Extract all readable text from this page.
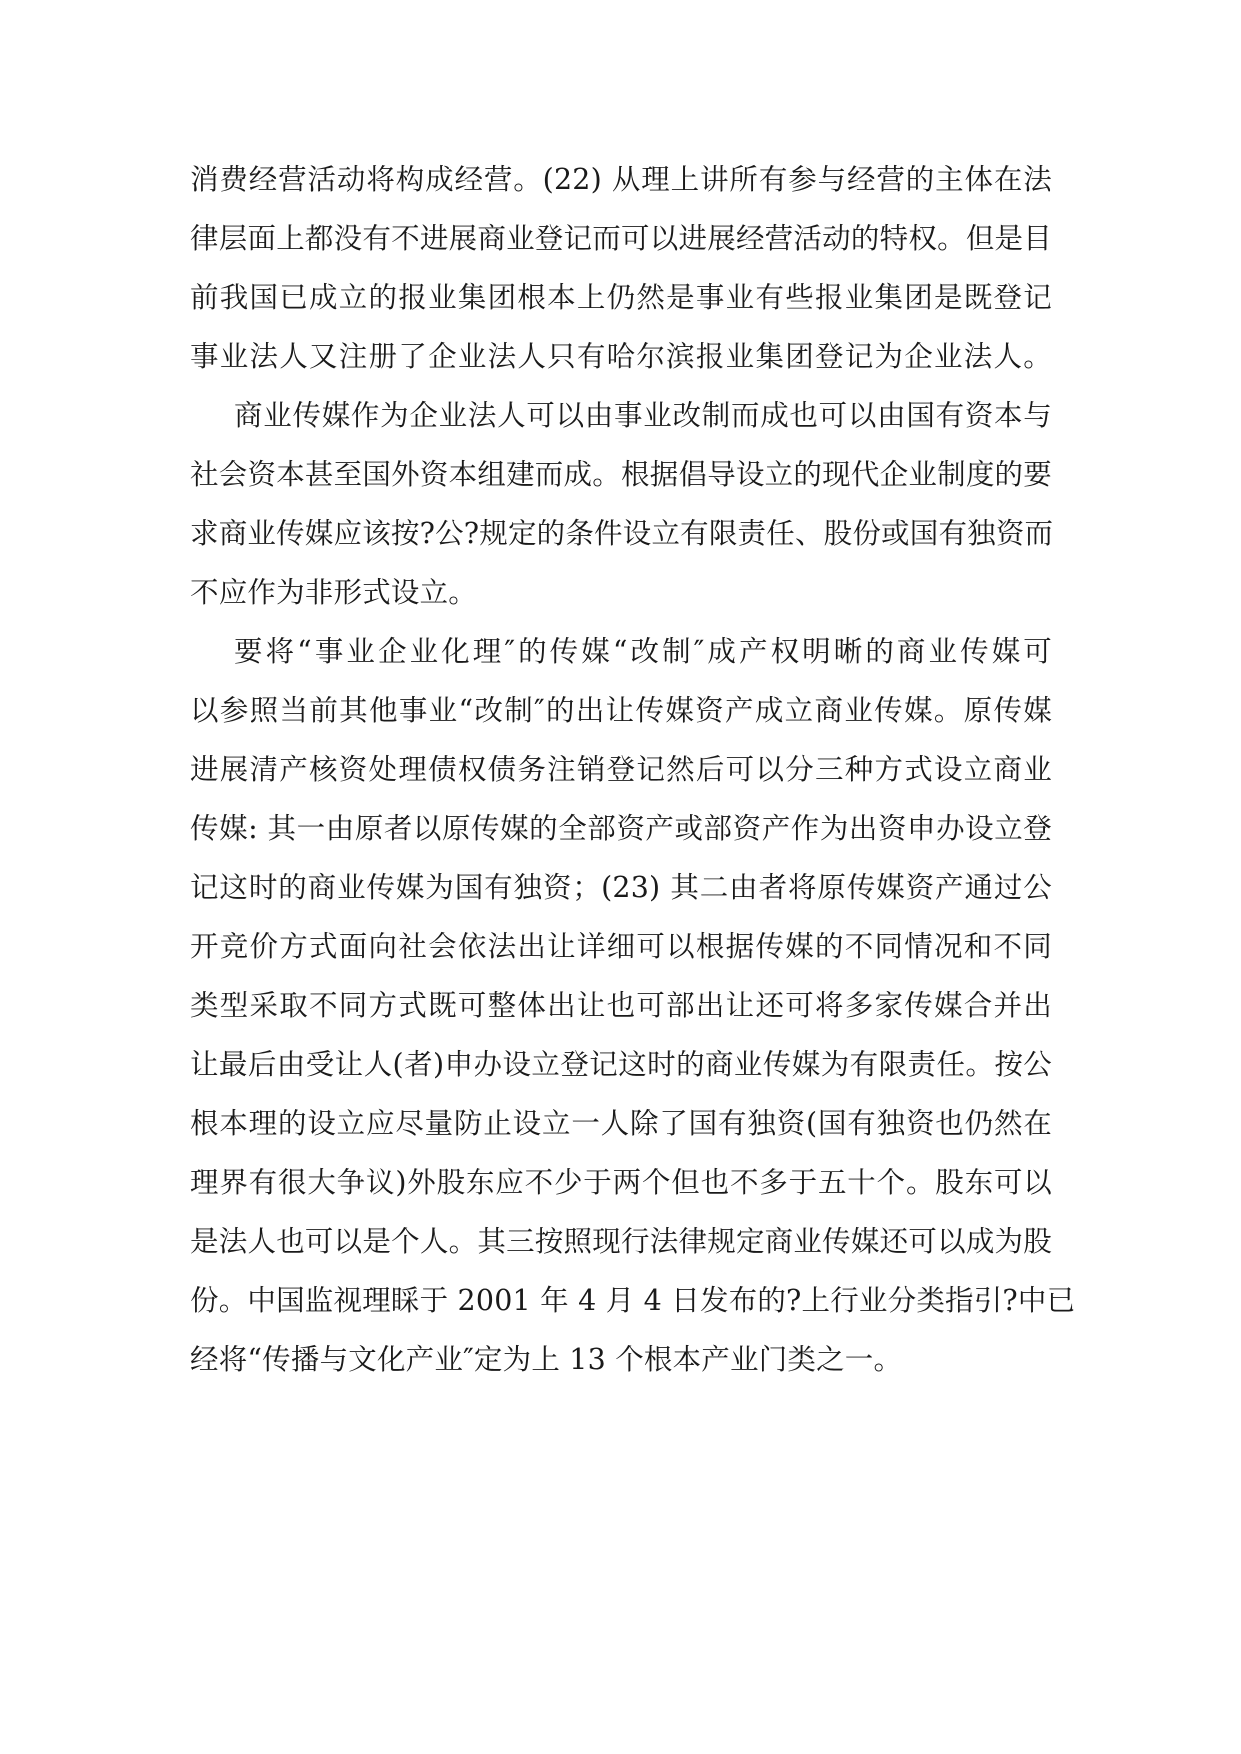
消费经营活动将构成经营。(22) 从理上讲所有参与经营的主体在法
律层面上都没有不进展商业登记而可以进展经营活动的特权。但是目
前我国已成立的报业集团根本上仍然是事业有些报业集团是既登记
事业法人又注册了企业法人只有哈尔滨报业集团登记为企业法人。
商业传媒作为企业法人可以由事业改制而成也可以由国有资本与
社会资本甚至国外资本组建而成。根据倡导设立的现代企业制度的要
求商业传媒应该按?公?规定的条件设立有限责任、股份或国有独资而
不应作为非形式设立。
要将“事业企业化理″的传媒“改制″成产权明晰的商业传媒可
以参照当前其他事业“改制″的出让传媒资产成立商业传媒。原传媒
进展清产核资处理债权债务注销登记然后可以分三种方式设立商业
传媒: 其一由原者以原传媒的全部资产或部资产作为出资申办设立登
记这时的商业传媒为国有独资；(23) 其二由者将原传媒资产通过公
开竞价方式面向社会依法出让详细可以根据传媒的不同情况和不同
类型采取不同方式既可整体出让也可部出让还可将多家传媒合并出
让最后由受让人(者)申办设立登记这时的商业传媒为有限责任。按公
根本理的设立应尽量防止设立一人除了国有独资(国有独资也仍然在
理界有很大争议)外股东应不少于两个但也不多于五十个。股东可以
是法人也可以是个人。其三按照现行法律规定商业传媒还可以成为股
份。中国监视理睬于 2001 年 4 月 4 日发布的?上行业分类指引?中已
经将“传播与文化产业″定为上 13 个根本产业门类之一。
